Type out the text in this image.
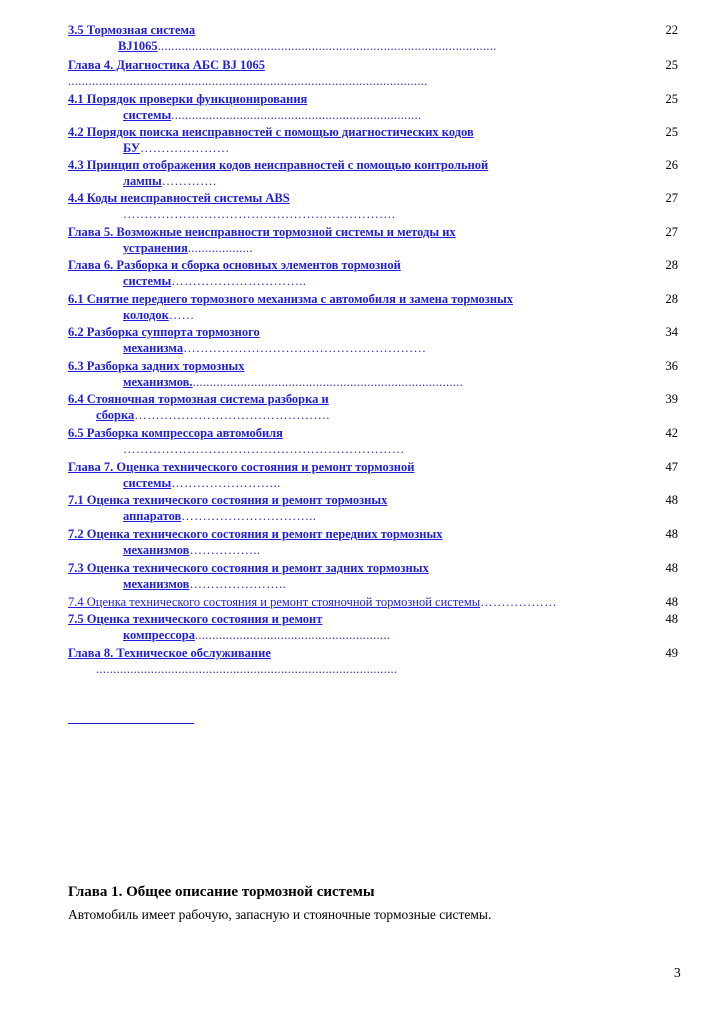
3.5 Тормозная система
BJ1065...................................................................................................
22
Глава 4. Диагностика АБС BJ 1065
.........................................................................................................
25
4.1 Порядок проверки функционирования
системы.........................................................................
25
4.2 Порядок поиска неисправностей с помощью диагностических кодов
БУ…………………
25
4.3 Принцип отображения кодов неисправностей с помощью контрольной
лампы………….
26
4.4 Коды неисправностей системы ABS
……………………………………………………….
27
Глава 5. Возможные неисправности тормозной системы и методы их
устранения...................
27
Глава 6. Разборка и сборка основных элементов тормозной
системы…………………………..
28
6.1 Снятие переднего тормозного механизма с автомобиля и замена тормозных
колодок……
28
6.2 Разборка суппорта тормозного
механизма…………………………………………………
34
6.3 Разборка задних тормозных
механизмов................................................................................
36
6.4 Стояночная тормозная система разборка и
сборка……………………………………….
39
6.5 Разборка компрессора автомобиля
…………………………………………………………
42
Глава 7. Оценка технического состояния и ремонт тормозной
системы……………………..
47
7.1 Оценка технического состояния и ремонт тормозных
аппаратов…………………………..
48
7.2 Оценка технического состояния и ремонт передних тормозных
механизмов……………..
48
7.3 Оценка технического состояния и ремонт задних тормозных
механизмов…………………..
48
7.4 Оценка технического состояния и ремонт стояночной тормозной системы………………	48
7.5 Оценка технического состояния и ремонт
компрессора.........................................................
48
Глава 8. Техническое обслуживание
........................................................................................
49
Глава 1. Общее описание тормозной системы

Автомобиль имеет рабочую, запасную и стояночные тормозные системы.

3
